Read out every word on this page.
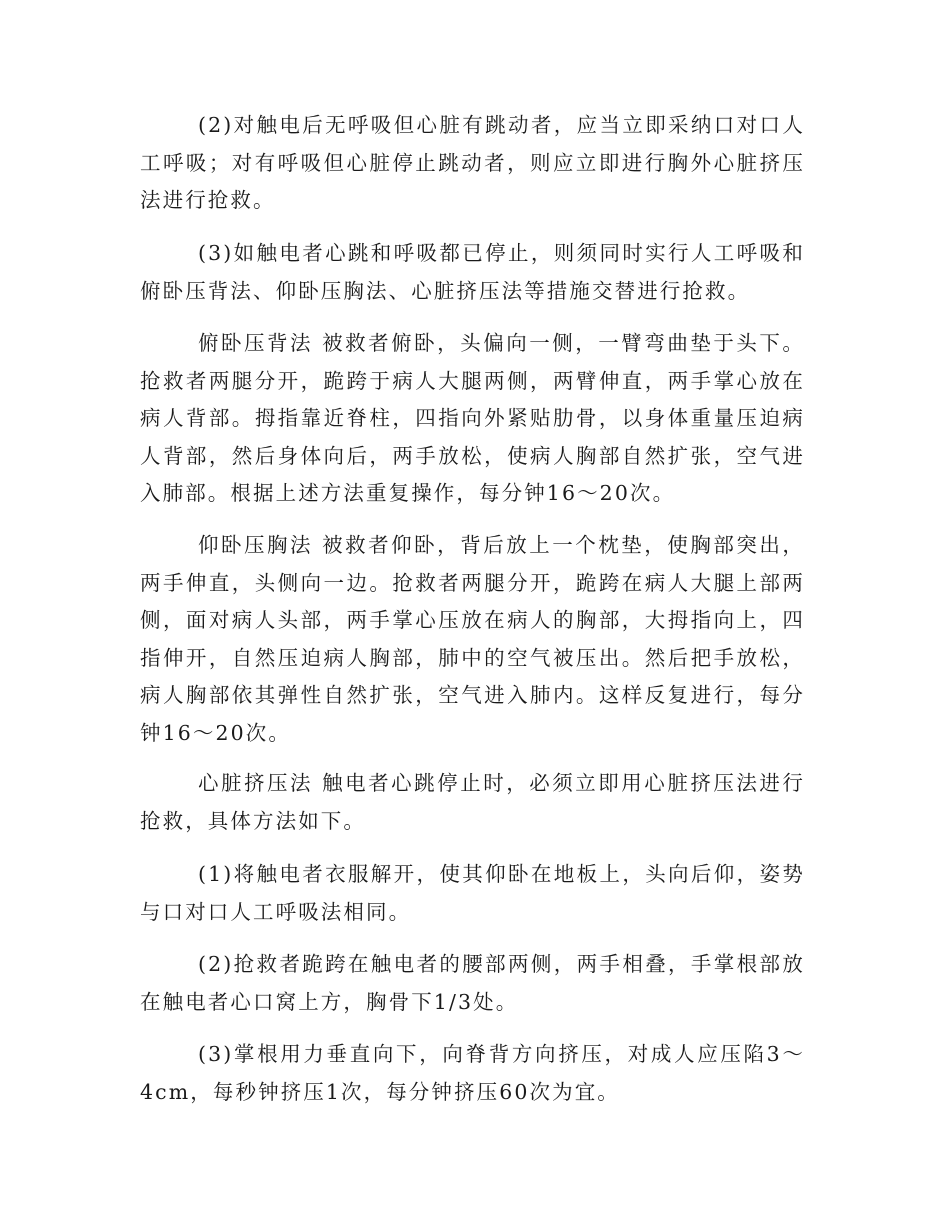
(2)对触电后无呼吸但心脏有跳动者，应当立即采纳口对口人工呼吸；对有呼吸但心脏停止跳动者，则应立即进行胸外心脏挤压法进行抢救。

(3)如触电者心跳和呼吸都已停止，则须同时实行人工呼吸和俯卧压背法、仰卧压胸法、心脏挤压法等措施交替进行抢救。

俯卧压背法 被救者俯卧，头偏向一侧，一臂弯曲垫于头下。抢救者两腿分开，跪跨于病人大腿两侧，两臂伸直，两手掌心放在病人背部。拇指靠近脊柱，四指向外紧贴肋骨，以身体重量压迫病人背部，然后身体向后，两手放松，使病人胸部自然扩张，空气进入肺部。根据上述方法重复操作，每分钟16～20次。

仰卧压胸法 被救者仰卧，背后放上一个枕垫，使胸部突出，两手伸直，头侧向一边。抢救者两腿分开，跪跨在病人大腿上部两侧，面对病人头部，两手掌心压放在病人的胸部，大拇指向上，四指伸开，自然压迫病人胸部，肺中的空气被压出。然后把手放松，病人胸部依其弹性自然扩张，空气进入肺内。这样反复进行，每分钟16～20次。

心脏挤压法 触电者心跳停止时，必须立即用心脏挤压法进行抢救，具体方法如下。

(1)将触电者衣服解开，使其仰卧在地板上，头向后仰，姿势与口对口人工呼吸法相同。

(2)抢救者跪跨在触电者的腰部两侧，两手相叠，手掌根部放在触电者心口窝上方，胸骨下1/3处。

(3)掌根用力垂直向下，向脊背方向挤压，对成人应压陷3～4cm，每秒钟挤压1次，每分钟挤压60次为宜。
